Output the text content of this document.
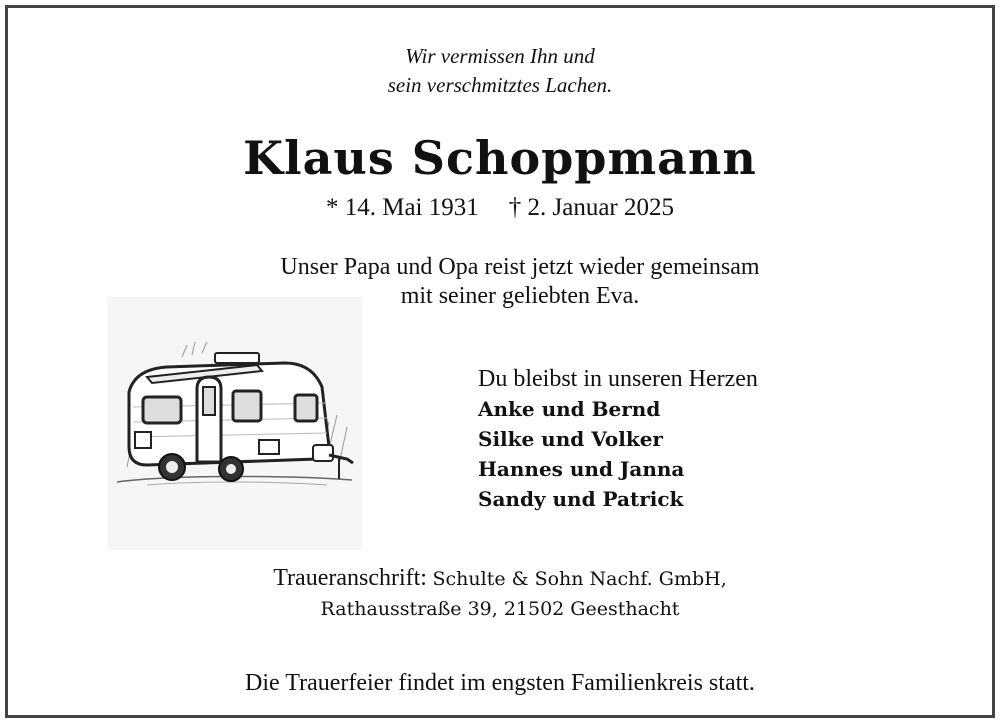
Wir vermissen Ihn und
sein verschmitztes Lachen.
Klaus Schoppmann
* 14. Mai 1931 † 2. Januar 2025
Unser Papa und Opa reist jetzt wieder gemeinsam
mit seiner geliebten Eva.
Du bleibst in unseren Herzen
Anke und Bernd
Silke und Volker
Hannes und Janna
Sandy und Patrick
Traueranschrift: Schulte & Sohn Nachf. GmbH,
Rathausstraße 39, 21502 Geesthacht
Die Trauerfeier findet im engsten Familienkreis statt.
